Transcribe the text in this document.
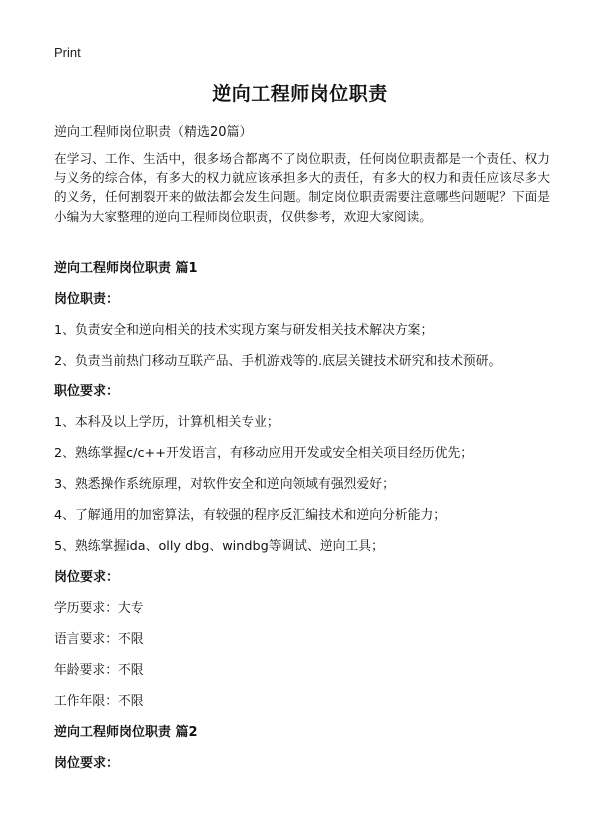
Print
逆向工程师岗位职责
逆向工程师岗位职责（精选20篇）

在学习、工作、生活中，很多场合都离不了岗位职责，任何岗位职责都是一个责任、权力与义务的综合体，有多大的权力就应该承担多大的责任，有多大的权力和责任应该尽多大的义务，任何割裂开来的做法都会发生问题。制定岗位职责需要注意哪些问题呢？下面是小编为大家整理的逆向工程师岗位职责，仅供参考，欢迎大家阅读。

逆向工程师岗位职责 篇1
岗位职责：
1、负责安全和逆向相关的技术实现方案与研发相关技术解决方案；
2、负责当前热门移动互联产品、手机游戏等的.底层关键技术研究和技术预研。
职位要求：
1、本科及以上学历，计算机相关专业；
2、熟练掌握c/c++开发语言，有移动应用开发或安全相关项目经历优先；
3、熟悉操作系统原理，对软件安全和逆向领域有强烈爱好；
4、了解通用的加密算法，有较强的程序反汇编技术和逆向分析能力；
5、熟练掌握ida、olly dbg、windbg等调试、逆向工具；
岗位要求：
学历要求：大专
语言要求：不限
年龄要求：不限
工作年限：不限
逆向工程师岗位职责 篇2
岗位要求：
